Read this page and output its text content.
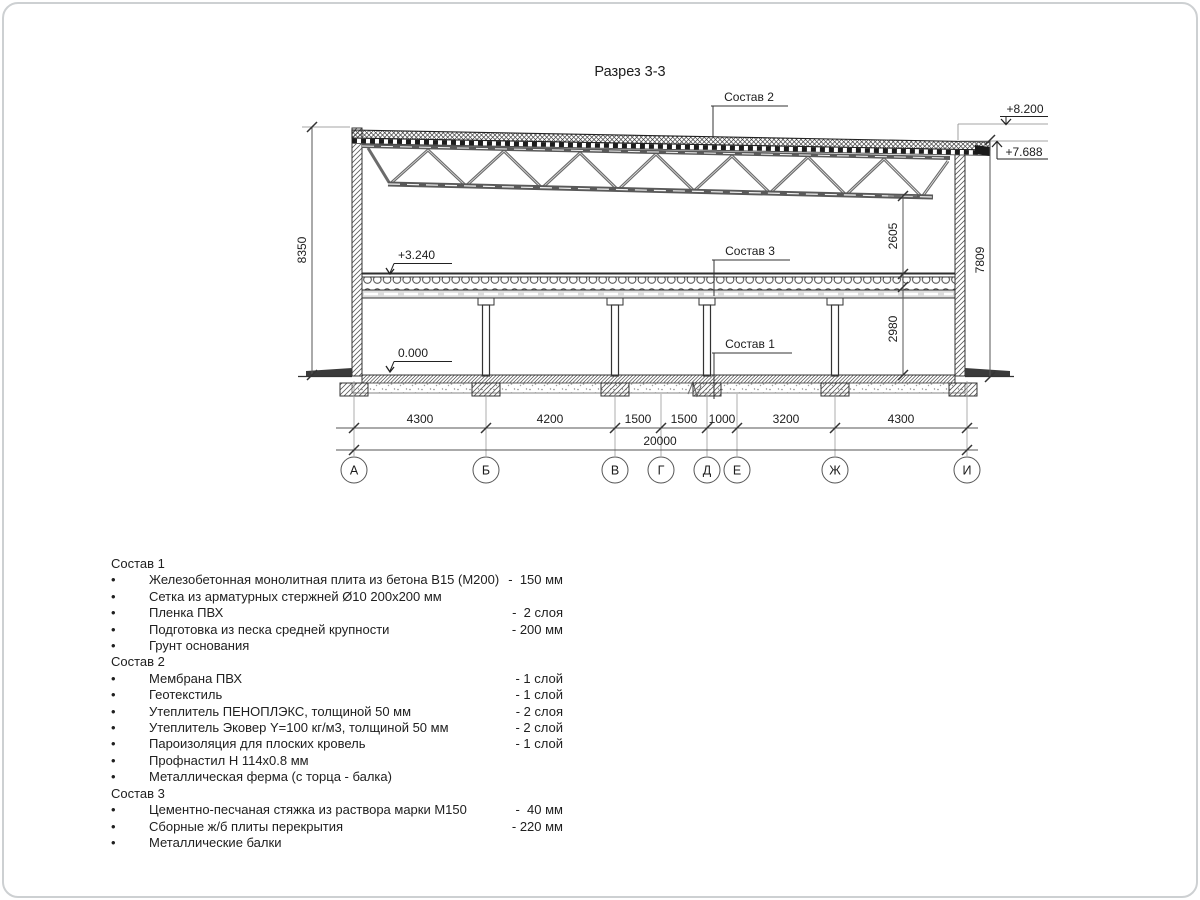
Разрез 3-3
Состав 2
Состав 3
Состав 1
+8.200
+7.688
+3.240
0.000
8350	7809
2605
2980
4300	4200	1500 1500 1000	3200	4300
20000
А	Б	В	Г	Д Е	Ж	И
Состав 1
•	Железобетонная монолитная плита из бетона В15 (М200) -  150 мм
•	Сетка из арматурных стержней Ø10 200х200 мм
•	Пленка ПВХ	-  2 слоя
•	Подготовка из песка средней крупности	- 200 мм
•	Грунт основания
Состав 2
•	Мембрана ПВХ	- 1 слой
•	Геотекстиль	- 1 слой
•	Утеплитель ПЕНОПЛЭКС, толщиной 50 мм	- 2 слоя
•	Утеплитель Эковер Y=100 кг/м3, толщиной 50 мм	- 2 слой
•	Пароизоляция для плоских кровель	- 1 слой
•	Профнастил Н 114х0.8 мм
•	Металлическая ферма (с торца - балка)
Состав 3
•	Цементно-песчаная стяжка из раствора марки М150	-  40 мм
•	Сборные ж/б плиты перекрытия	- 220 мм
•	Металлические балки
